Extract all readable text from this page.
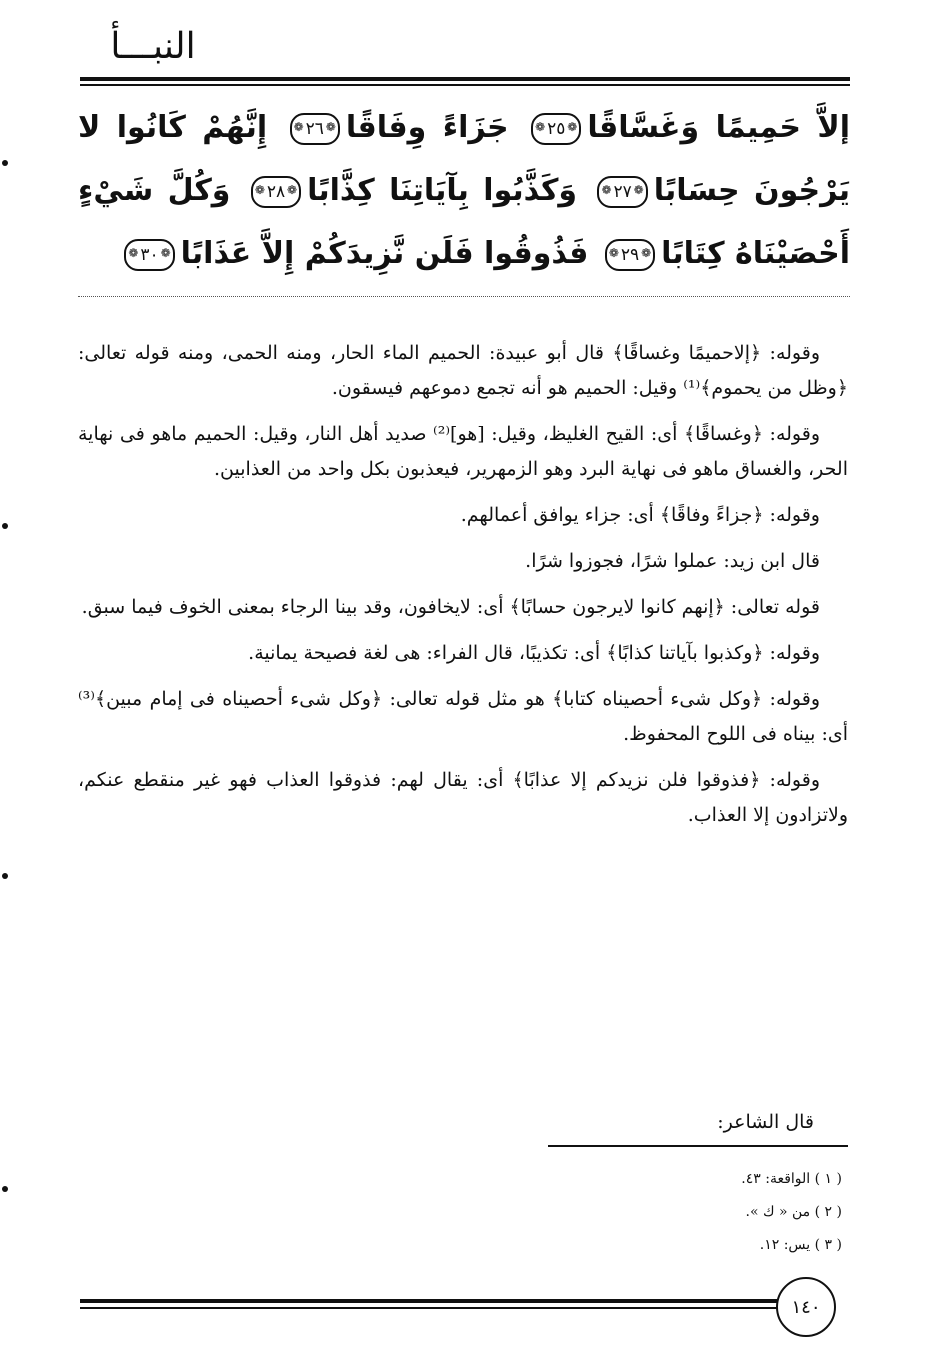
النبـــأ
إلاَّ حَمِيمًا وَغَسَّاقًا❁ ٢٥ ❁ جَزَاءً وِفَاقًا❁ ٢٦ ❁ إِنَّهُمْ كَانُوا لا يَرْجُونَ حِسَابًا❁ ٢٧ ❁ وَكَذَّبُوا بِآيَاتِنَا كِذَّابًا❁ ٢٨ ❁ وَكُلَّ شَيْءٍ أَحْصَيْنَاهُ كِتَابًا❁ ٢٩ ❁ فَذُوقُوا فَلَن نَّزِيدَكُمْ إِلاَّ عَذَابًا❁ ٣٠ ❁

وقوله: ﴿إلاحميمًا وغساقًا﴾ قال أبو عبيدة: الحميم الماء الحار، ومنه الحمى، ومنه قوله تعالى: ﴿وظل من يحموم﴾⁽¹⁾ وقيل: الحميم هو أنه تجمع دموعهم فيسقون.

وقوله: ﴿وغساقًا﴾ أى: القيح الغليظ، وقيل: [هو]⁽²⁾ صديد أهل النار، وقيل: الحميم ماهو فى نهاية الحر، والغساق ماهو فى نهاية البرد وهو الزمهرير، فيعذبون بكل واحد من العذابين.

وقوله: ﴿جزاءً وفاقًا﴾ أى: جزاء يوافق أعمالهم.

قال ابن زيد: عملوا شرًا، فجوزوا شرًا.

قوله تعالى: ﴿إنهم كانوا لايرجون حسابًا﴾ أى: لايخافون، وقد بينا الرجاء بمعنى الخوف فيما سبق.

وقوله: ﴿وكذبوا بآياتنا كذابًا﴾ أى: تكذيبًا، قال الفراء: هى لغة فصيحة يمانية.

وقوله: ﴿وكل شىء أحصيناه كتابا﴾ هو مثل قوله تعالى: ﴿وكل شىء أحصيناه فى إمام مبين﴾⁽³⁾ أى: بيناه فى اللوح المحفوظ.

وقوله: ﴿فذوقوا فلن نزيدكم إلا عذابًا﴾ أى: يقال لهم: فذوقوا العذاب فهو غير منقطع عنكم، ولاتزادون إلا العذاب.

قال الشاعر:
( ١ ) الواقعة: ٤٣.
( ٢ ) من « ك ».
( ٣ ) يس: ١٢.
١٤٠
